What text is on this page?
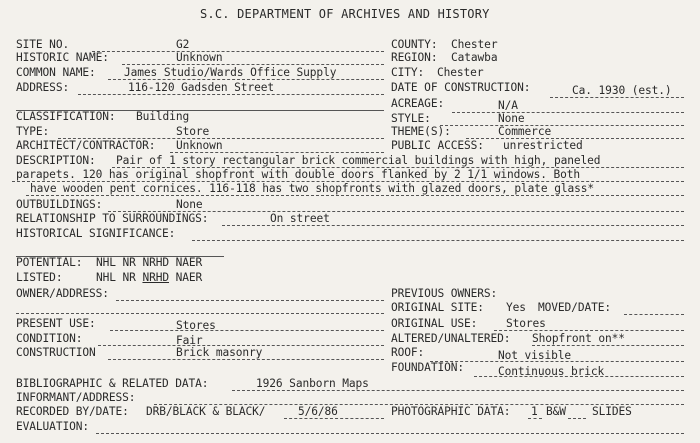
S.C. DEPARTMENT OF ARCHIVES AND HISTORY
SITE NO.	G2	COUNTY: Chester
HISTORIC NAME:	Unknown	REGION: Catawba
COMMON NAME:	James Studio/Wards Office Supply	CITY: Chester
ADDRESS:	116-120 Gadsden Street	DATE OF CONSTRUCTION:	Ca. 1930 (est.)
ACREAGE:	N/A
CLASSIFICATION: Building	STYLE:	None
TYPE:	Store	THEME(S):	Commerce
ARCHITECT/CONTRACTOR: Unknown	PUBLIC ACCESS: unrestricted
DESCRIPTION: Pair of 1 story rectangular brick commercial buildings with high, paneled
parapets. 120 has original shopfront with double doors flanked by 2 1/1 windows. Both
have wooden pent cornices. 116-118 has two shopfronts with glazed doors, plate glass*
OUTBUILDINGS:	None
RELATIONSHIP TO SURROUNDINGS:	On street
HISTORICAL SIGNIFICANCE:
POTENTIAL: NHL NR NRHD NAER
LISTED:	NHL NR NRHD NAER
OWNER/ADDRESS:	PREVIOUS OWNERS:
ORIGINAL SITE: Yes MOVED/DATE:
PRESENT USE:	Stores	ORIGINAL USE:	Stores
CONDITION:	Fair	ALTERED/UNALTERED: Shopfront on**
CONSTRUCTION	Brick masonry	ROOF:	Not visible
FOUNDATION:	Continuous brick
BIBLIOGRAPHIC & RELATED DATA:	1926 Sanborn Maps
INFORMANT/ADDRESS:
RECORDED BY/DATE: DRB/BLACK & BLACK/	5/6/86	PHOTOGRAPHIC DATA: 1 B&W SLIDES
EVALUATION:
